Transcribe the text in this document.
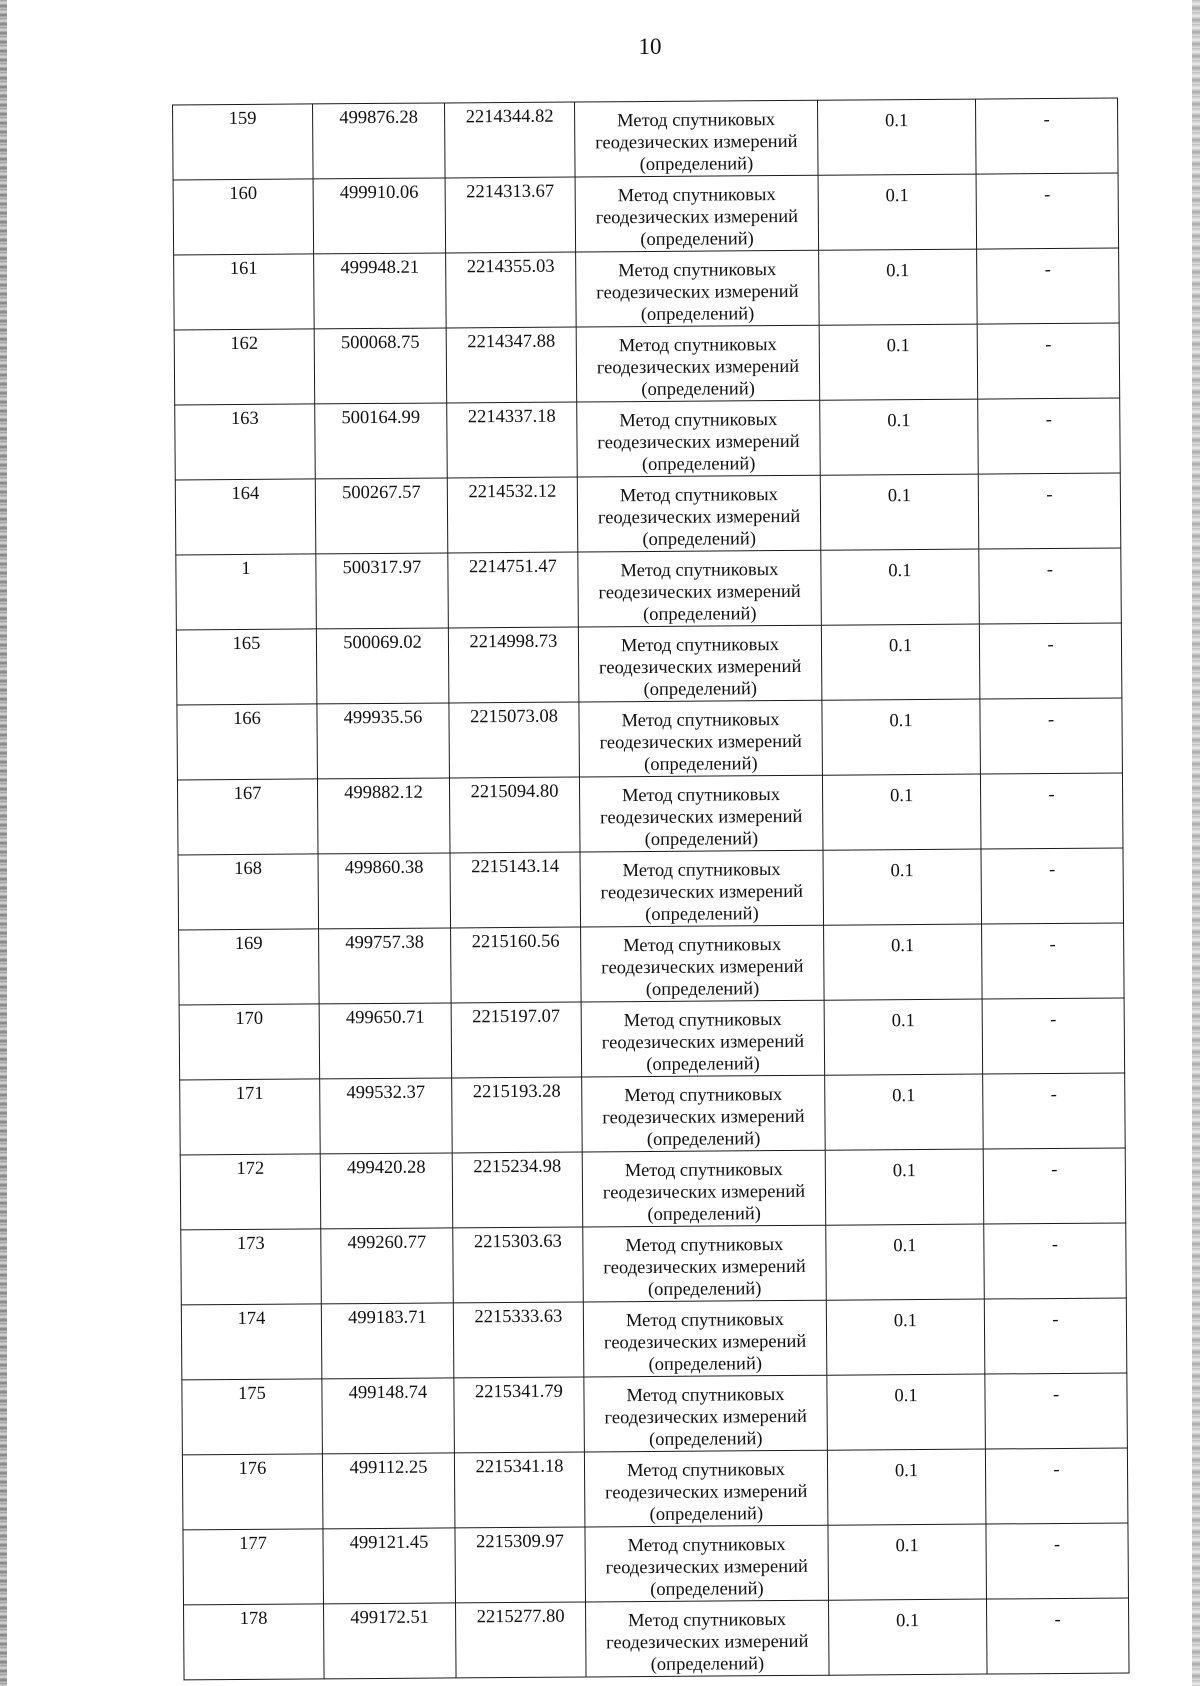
10
159	499876.28	2214344.82	Метод спутниковых геодезических измерений (определений)	0.1	-

160	499910.06	2214313.67	Метод спутниковых геодезических измерений (определений)	0.1	-

161	499948.21	2214355.03	Метод спутниковых геодезических измерений (определений)	0.1	-

162	500068.75	2214347.88	Метод спутниковых геодезических измерений (определений)	0.1	-

163	500164.99	2214337.18	Метод спутниковых геодезических измерений (определений)	0.1	-

164	500267.57	2214532.12	Метод спутниковых геодезических измерений (определений)	0.1	-

1	500317.97	2214751.47	Метод спутниковых геодезических измерений (определений)	0.1	-

165	500069.02	2214998.73	Метод спутниковых геодезических измерений (определений)	0.1	-

166	499935.56	2215073.08	Метод спутниковых геодезических измерений (определений)	0.1	-

167	499882.12	2215094.80	Метод спутниковых геодезических измерений (определений)	0.1	-

168	499860.38	2215143.14	Метод спутниковых геодезических измерений (определений)	0.1	-

169	499757.38	2215160.56	Метод спутниковых геодезических измерений (определений)	0.1	-

170	499650.71	2215197.07	Метод спутниковых геодезических измерений (определений)	0.1	-

171	499532.37	2215193.28	Метод спутниковых геодезических измерений (определений)	0.1	-

172	499420.28	2215234.98	Метод спутниковых геодезических измерений (определений)	0.1	-

173	499260.77	2215303.63	Метод спутниковых геодезических измерений (определений)	0.1	-

174	499183.71	2215333.63	Метод спутниковых геодезических измерений (определений)	0.1	-

175	499148.74	2215341.79	Метод спутниковых геодезических измерений (определений)	0.1	-

176	499112.25	2215341.18	Метод спутниковых геодезических измерений (определений)	0.1	-

177	499121.45	2215309.97	Метод спутниковых геодезических измерений (определений)	0.1	-

178	499172.51	2215277.80	Метод спутниковых геодезических измерений (определений)	0.1	-
